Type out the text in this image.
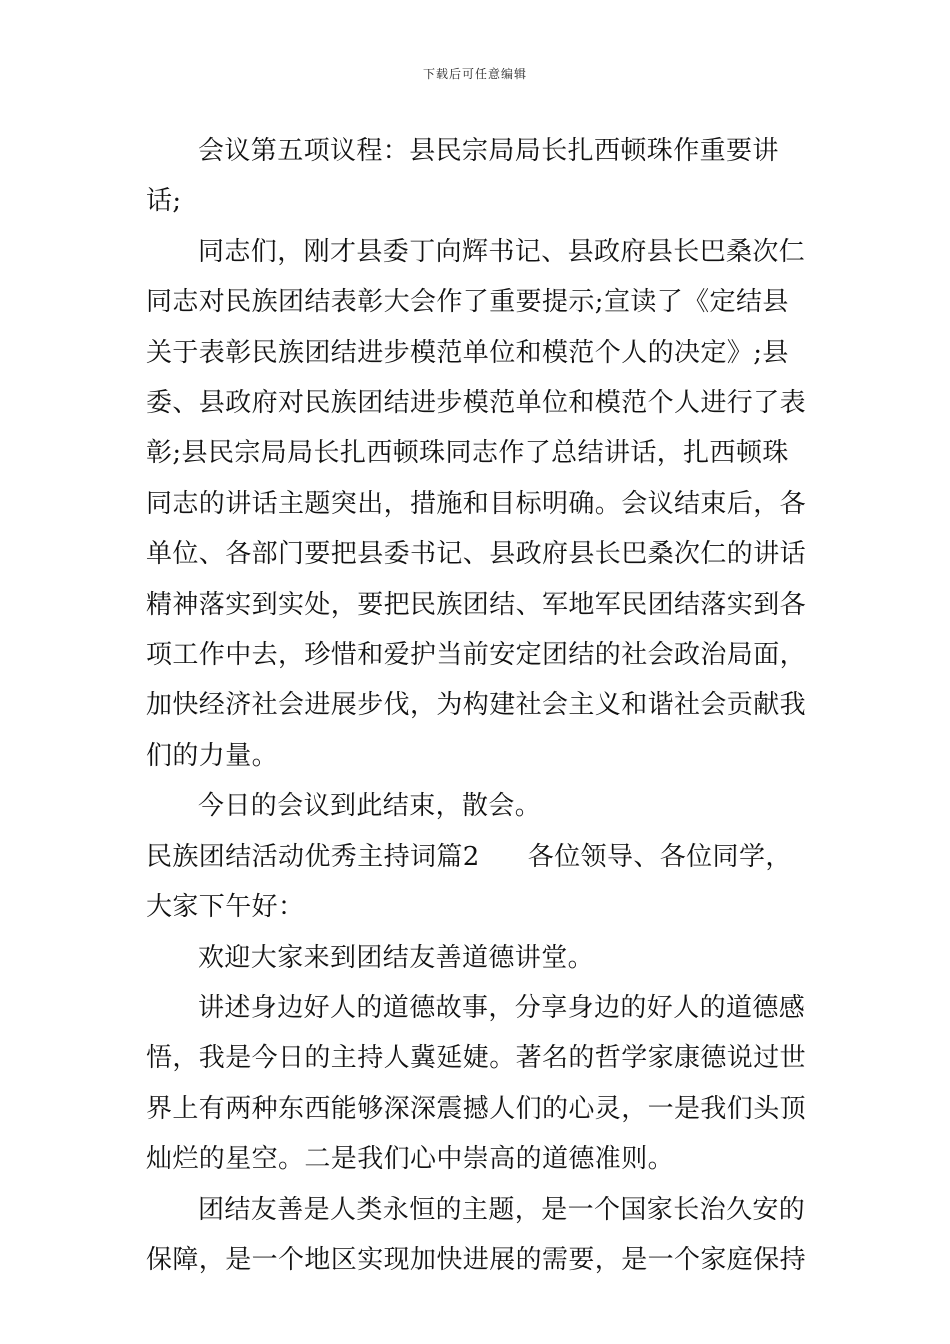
下载后可任意编辑

会议第五项议程：县民宗局局长扎西顿珠作重要讲话;

同志们，刚才县委丁向辉书记、县政府县长巴桑次仁同志对民族团结表彰大会作了重要提示;宣读了《定结县关于表彰民族团结进步模范单位和模范个人的决定》;县委、县政府对民族团结进步模范单位和模范个人进行了表彰;县民宗局局长扎西顿珠同志作了总结讲话，扎西顿珠同志的讲话主题突出，措施和目标明确。会议结束后，各单位、各部门要把县委书记、县政府县长巴桑次仁的讲话精神落实到实处，要把民族团结、军地军民团结落实到各项工作中去，珍惜和爱护当前安定团结的社会政治局面，加快经济社会进展步伐，为构建社会主义和谐社会贡献我们的力量。

今日的会议到此结束，散会。

民族团结活动优秀主持词篇2 各位领导、各位同学，大家下午好：

欢迎大家来到团结友善道德讲堂。

讲述身边好人的道德故事，分享身边的好人的道德感悟，我是今日的主持人冀延婕。著名的哲学家康德说过世界上有两种东西能够深深震撼人们的心灵，一是我们头顶灿烂的星空。二是我们心中崇高的道德准则。

团结友善是人类永恒的主题，是一个国家长治久安的保障，是一个地区实现加快进展的需要，是一个家庭保持
